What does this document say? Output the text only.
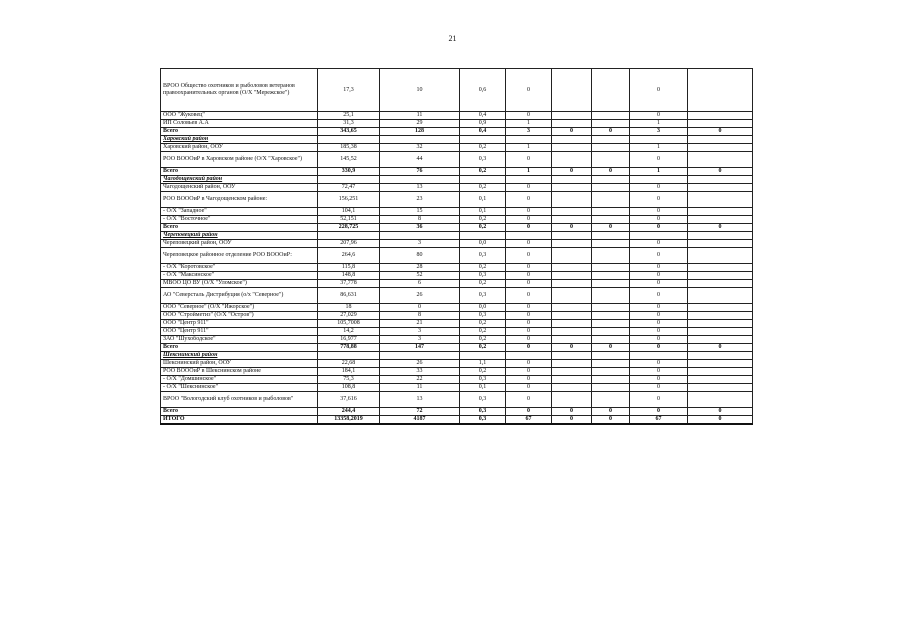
21
ВРОО Общество охотников и рыболовов ветеранов правоохранительных органов (О/Х "Мережское")	17,3	10	0,6	0			0	
ООО "Жуковец"	25,1	11	0,4	0			0	
ИП Соловьев А.А	31,3	29	0,9	1			1	
Всего	343,65	128	0,4	3	0	0	3	0
Харовский район								
Харовский район, ООУ	185,38	32	0,2	1			1	
РОО ВОООиР в Харовском районе (О/Х "Харовское")	145,52	44	0,3	0			0	
Всего	330,9	76	0,2	1	0	0	1	0
Чагодощенский район								
Чагодощенский район, ООУ	72,47	13	0,2	0			0	
РОО ВОООиР в Чагодощенском районе:	156,251	23	0,1	0			0	
- О/Х "Западное"	104,1	15	0,1	0			0	
- О/Х "Восточное"	52,151	8	0,2	0			0	
Всего	228,725	36	0,2	0	0	0	0	0
Череповецкий район								
Череповецкий район, ООУ	207,96	3	0,0	0			0	
Череповецкое районное отделение РОО ВОООиР:	264,6	80	0,3	0			0	
- О/Х "Коротовское"	115,8	28	0,2	0			0	
- О/Х "Максинское"	148,8	52	0,3	0			0	
МВОО ЦО ВУ (О/Х "Уломское")	37,778	6	0,2	0			0	
АО "Северсталь Дистрибуция (о/х "Северное")	86,631	26	0,3	0			0	
ООО "Северное" (О/Х "Ижорское")	18	0	0,0	0			0	
ООО "Стройметиз" (О/Х "Остров")	27,029	8	0,3	0			0	
ООО "Центр 911"	105,7008	21	0,2	0			0	
ООО "Центр 911"	14,2	3	0,2	0			0	
ЗАО "Шухободское"	16,977	3	0,2	0			0	
Всего	778,88	147	0,2	0	0	0	0	0
Шекснинский район								
Шекснинский район, ООУ	22,68	26	1,1	0			0	
РОО ВОООиР в Шекснинском районе	184,1	33	0,2	0			0	
- О/Х "Домшинское"	75,3	22	0,3	0			0	
- О/Х "Шекснинское"	108,8	11	0,1	0			0	
ВРОО "Вологодский клуб охотников и рыболовов"	37,616	13	0,3	0			0	
Всего	244,4	72	0,3	0	0	0	0	0
ИТОГО	13358,2019	4187	0,3	67	0	0	67	0
